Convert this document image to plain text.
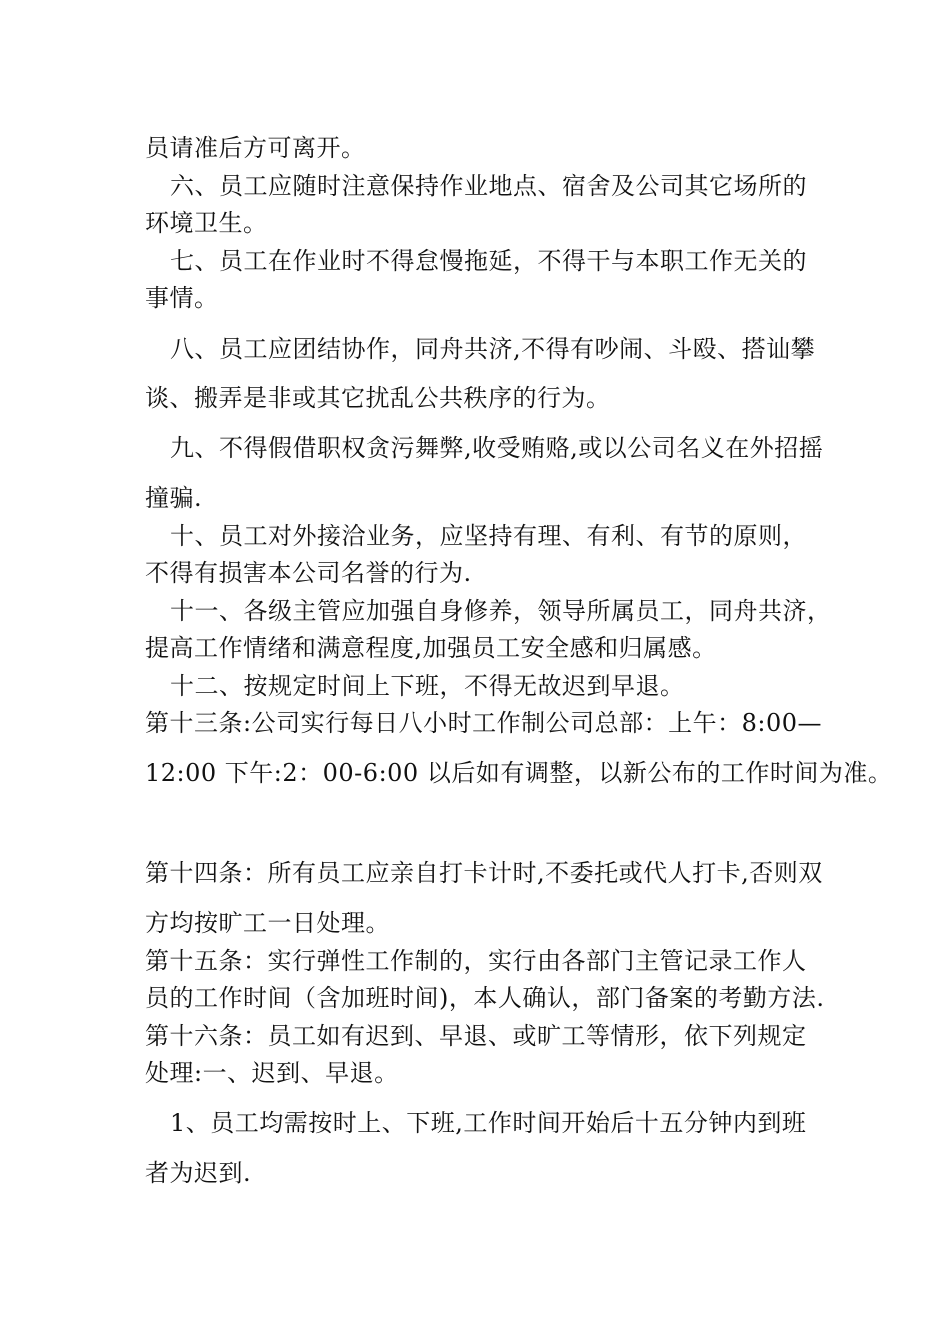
员请准后方可离开。
六、员工应随时注意保持作业地点、宿舍及公司其它场所的
环境卫生。
七、员工在作业时不得怠慢拖延，不得干与本职工作无关的
事情。
八、员工应团结协作，同舟共济,不得有吵闹、斗殴、搭讪攀
谈、搬弄是非或其它扰乱公共秩序的行为。
九、不得假借职权贪污舞弊,收受贿赂,或以公司名义在外招摇
撞骗.
十、员工对外接洽业务，应坚持有理、有利、有节的原则，
不得有损害本公司名誉的行为.
十一、各级主管应加强自身修养，领导所属员工，同舟共济，
提高工作情绪和满意程度,加强员工安全感和归属感。
十二、按规定时间上下班，不得无故迟到早退。
第十三条:公司实行每日八小时工作制公司总部：上午：8:00—
12:00 下午:2：00-6:00 以后如有调整，以新公布的工作时间为准。
第十四条：所有员工应亲自打卡计时,不委托或代人打卡,否则双
方均按旷工一日处理。
第十五条：实行弹性工作制的，实行由各部门主管记录工作人
员的工作时间（含加班时间)，本人确认，部门备案的考勤方法.
第十六条：员工如有迟到、早退、或旷工等情形，依下列规定
处理:一、迟到、早退。
1、员工均需按时上、下班,工作时间开始后十五分钟内到班
者为迟到.
